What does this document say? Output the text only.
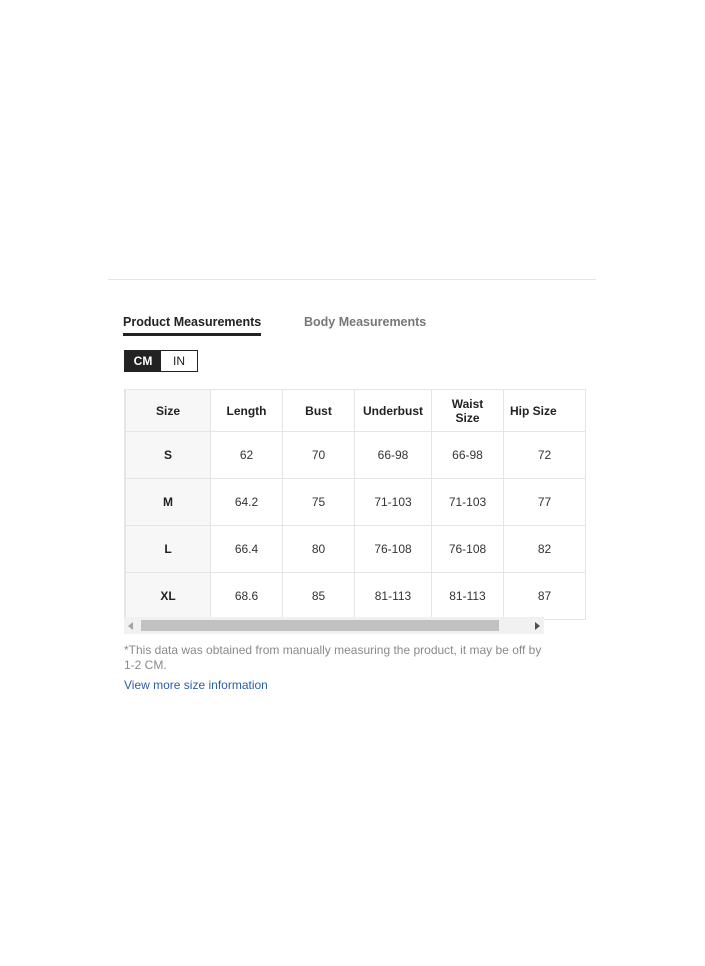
Product Measurements	Body Measurements
CM	IN
Size	Length	Bust	Underbust	Waist Size	Hip Size
S	62	70	66-98	66-98	72
M	64.2	75	71-103	71-103	77
L	66.4	80	76-108	76-108	82
XL	68.6	85	81-113	81-113	87
*This data was obtained from manually measuring the product, it may be off by 1-2 CM.
View more size information
